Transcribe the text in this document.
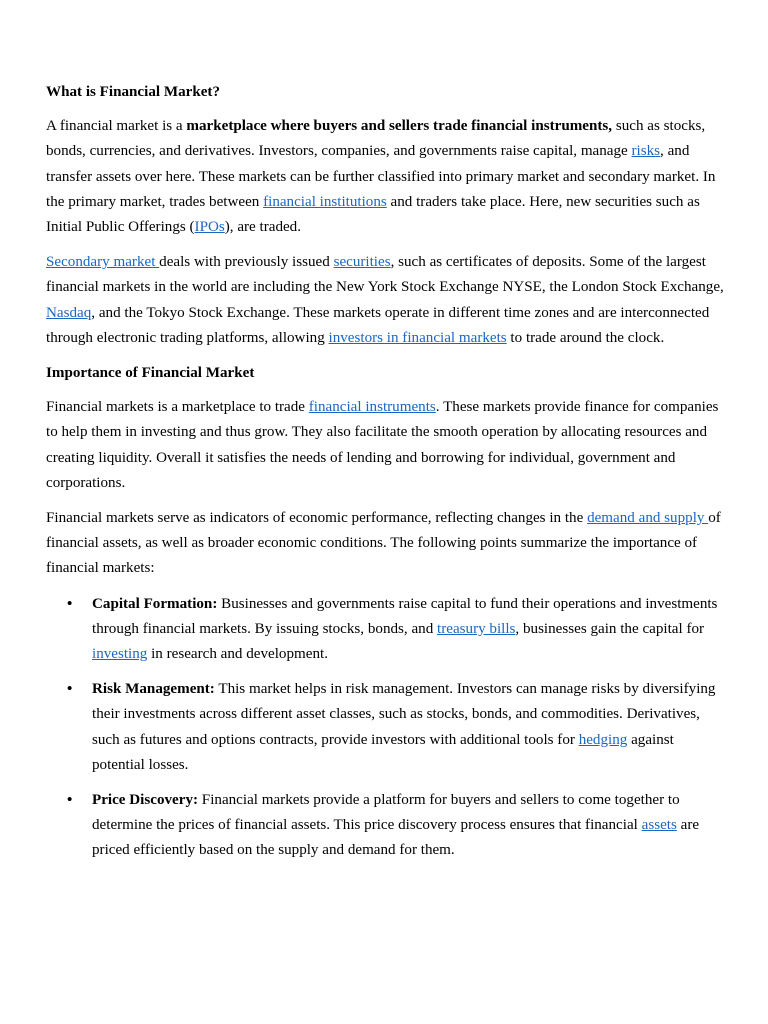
What is Financial Market?

A financial market is a marketplace where buyers and sellers trade financial instruments, such as stocks, bonds, currencies, and derivatives. Investors, companies, and governments raise capital, manage risks, and transfer assets over here. These markets can be further classified into primary market and secondary market. In the primary market, trades between financial institutions and traders take place. Here, new securities such as Initial Public Offerings (IPOs), are traded.

Secondary market deals with previously issued securities, such as certificates of deposits. Some of the largest financial markets in the world are including the New York Stock Exchange NYSE, the London Stock Exchange, Nasdaq, and the Tokyo Stock Exchange. These markets operate in different time zones and are interconnected through electronic trading platforms, allowing investors in financial markets to trade around the clock.

Importance of Financial Market

Financial markets is a marketplace to trade financial instruments. These markets provide finance for companies to help them in investing and thus grow. They also facilitate the smooth operation by allocating resources and creating liquidity. Overall it satisfies the needs of lending and borrowing for individual, government and corporations.

Financial markets serve as indicators of economic performance, reflecting changes in the demand and supply of financial assets, as well as broader economic conditions. The following points summarize the importance of financial markets:

• Capital Formation: Businesses and governments raise capital to fund their operations and investments through financial markets. By issuing stocks, bonds, and treasury bills, businesses gain the capital for investing in research and development.
• Risk Management: This market helps in risk management. Investors can manage risks by diversifying their investments across different asset classes, such as stocks, bonds, and commodities. Derivatives, such as futures and options contracts, provide investors with additional tools for hedging against potential losses.
• Price Discovery: Financial markets provide a platform for buyers and sellers to come together to determine the prices of financial assets. This price discovery process ensures that financial assets are priced efficiently based on the supply and demand for them.
